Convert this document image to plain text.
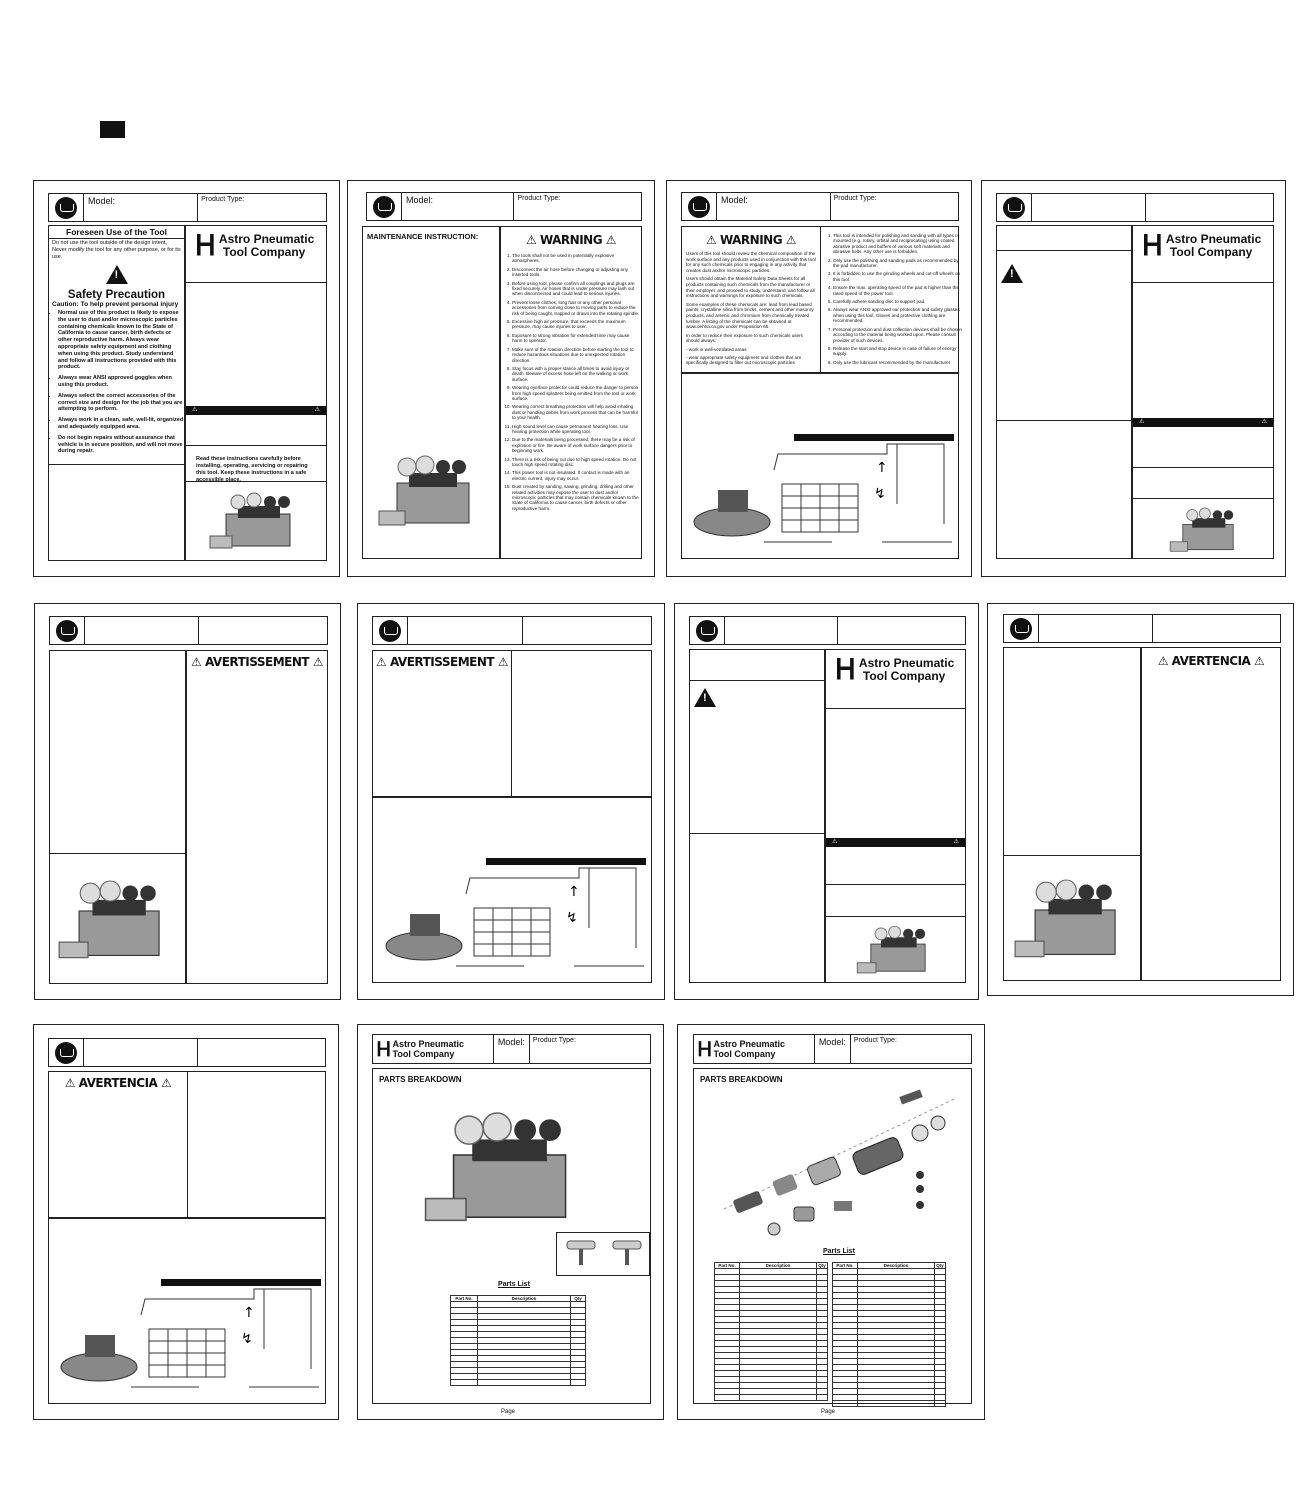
Model:	Product Type:
Foreseen Use of the Tool
Do not use the tool outside of the design intent, Never modify the tool for any other purpose, or for its use.
!
Safety Precaution
Caution: To help prevent personal injury
• Normal use of this product is likely to expose the user to dust and/or microscopic particles containing chemicals known to the State of California to cause cancer, birth defects or other reproductive harm. Always wear appropriate safety equipment and clothing when using this product. Study understand and follow all instructions provided with this product.
• Always wear ANSI approved goggles when using this product.
• Always select the correct accessories of the correct size and design for the job that you are attempting to perform.
• Always work in a clean, safe, well-lit, organized and adequately equipped area.
• Do not begin repairs without assurance that vehicle is in secure position, and will not move during repair.
Ꮋ Astro Pneumatic
Tool Company
⚠	⚠
Read these instructions carefully before installing, operating, servicing or repairing this tool. Keep these instructions in a safe accessible place.
Model:	Product Type:
MAINTENANCE INSTRUCTION:	⚠ WARNING ⚠
1. The tools shall not be used in potentially explosive atmospheres.
2. Disconnect the air hose before changing or adjusting any inserted tools.
3. Before using tool, please confirm all couplings and plugs are fixed securely. Air hoses that is under pressure may lash out when disconnected and could lead to serious injuries.
4. Prevent loose clothes, long hair or any other personal accessories from coming close to moving parts to reduce the risk of being caught, trapped or drawn into the rotating spindle.
5. Excessive high air pressure, that exceeds the maximum pressure, may cause injuries to user.
6. Exposure to strong vibration for extended time may cause harm to operator.
7. Make sure of the rotation direction before starting the tool to reduce hazardous situations due to unexpected rotation direction.
8. Stay focus with a proper stance all times to avoid injury or death. Beware of excess hose left on the walking or work surface.
9. Wearing eye/face protector could reduce the danger to person from high speed splatters being emitted from the tool or work surface.
10. Wearing correct breathing protection will help avoid inhaling dust or handling debris from work process that can be harmful to your health.
11. High sound level can cause permanent hearing loss. Use hearing protection while operating tool.
12. Due to the materials being processed, there may be a risk of explosion or fire. Be aware of work surface dangers prior to beginning work.
13. There is a risk of being cut due to high speed rotation. Do not touch high speed rotating disc.
14. This power tool is not insulated. If contact is made with an electric current, injury may occur.
15. Dust created by sanding, sawing, grinding, drilling and other related activities may expose the user to dust and/or microscopic particles that may contain chemicals known to the State of California to cause cancer, birth defects or other reproductive harm.
Model:	Product Type:
⚠ WARNING ⚠

Users of this tool should review the chemical composition of the work surface and any products used in conjunction with this tool for any such chemicals prior to engaging in any activity that creates dust and/or microscopic particles.

Users should obtain the Material Safety Data Sheets for all products containing such chemicals from the manufacturer or their employer, and proceed to study, understand, and follow all instructions and warnings for exposure to such chemicals.

Some examples of these chemicals are: lead from lead based paints, crystalline silica from bricks, cement and other masonry products, and arsenic and chromium from chemically treated lumber. A listing of the chemicals can be obtained at www.oehha.ca.gov under Proposition 65.

In order to reduce their exposure to such chemicals users should always:

- work in well-ventilated areas

- wear appropriate safety equipment and clothes that are specifically designed to filter out microscopic particles

1. This tool is intended for polishing and sanding with all types of mounted (e.g. rotary, orbital and reciprocating) using coated abrasive product and buffers of various soft materials and abrasive belts. Any other use is forbidden.
2. Only use the polishing and sanding pads as recommended by the pad manufacturer.
3. It is forbidden to use the grinding wheels and cut-off wheels on this tool.
4. Ensure the max. operating speed of the pad is higher than the rated speed of the power tool.
5. Carefully adhere sanding disc to support pad.
6. Always wear ANSI approved ear protection and safety glasses when using this tool. Gloves and protective clothing are recommended.
7. Personal protection and dust collection devices shall be chosen according to the material being worked upon. Please consult provider of such devices.
8. Release the start and stop device in case of failure of energy supply.
9. Only use the lubricant recommended by the manufacturer
↑
↯
!
Ꮋ Astro Pneumatic
Tool Company
⚠	⚠
⚠ AVERTISSEMENT ⚠	⚠ AVERTISSEMENT ⚠
↑
↯
!
Ꮋ Astro Pneumatic
Tool Company
⚠	⚠
⚠ AVERTENCIA ⚠
⚠ AVERTENCIA ⚠
↑
↯
Ꮋ Astro Pneumatic
Tool Company
Model:	Product Type:
PARTS BREAKDOWN
Parts List
Part No.	Description	Qty

Page
Ꮋ Astro Pneumatic
Tool Company
Model:	Product Type:
PARTS BREAKDOWN
Parts List
Part No.	Description	Qty

		Part No.	Description	Qty

Page
